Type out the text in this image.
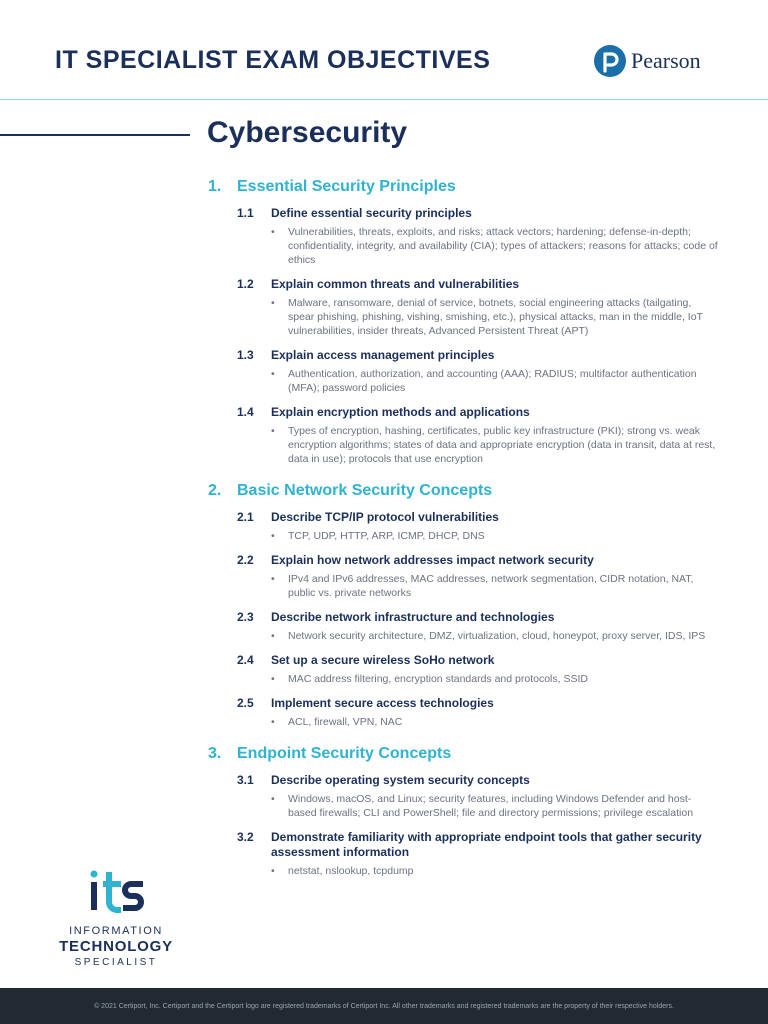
IT SPECIALIST EXAM OBJECTIVES	Pearson
Cybersecurity
1. Essential Security Principles
1.1	Define essential security principles
•	Vulnerabilities, threats, exploits, and risks; attack vectors; hardening; defense-in-depth; confidentiality, integrity, and availability (CIA); types of attackers; reasons for attacks; code of ethics
1.2	Explain common threats and vulnerabilities
•	Malware, ransomware, denial of service, botnets, social engineering attacks (tailgating, spear phishing, phishing, vishing, smishing, etc.), physical attacks, man in the middle, IoT vulnerabilities, insider threats, Advanced Persistent Threat (APT)
1.3	Explain access management principles
•	Authentication, authorization, and accounting (AAA); RADIUS; multifactor authentication (MFA); password policies
1.4	Explain encryption methods and applications
•	Types of encryption, hashing, certificates, public key infrastructure (PKI); strong vs. weak encryption algorithms; states of data and appropriate encryption (data in transit, data at rest, data in use); protocols that use encryption
2. Basic Network Security Concepts
2.1	Describe TCP/IP protocol vulnerabilities
•	TCP, UDP, HTTP, ARP, ICMP, DHCP, DNS
2.2	Explain how network addresses impact network security
•	IPv4 and IPv6 addresses, MAC addresses, network segmentation, CIDR notation, NAT, public vs. private networks
2.3	Describe network infrastructure and technologies
•	Network security architecture, DMZ, virtualization, cloud, honeypot, proxy server, IDS, IPS
2.4	Set up a secure wireless SoHo network
•	MAC address filtering, encryption standards and protocols, SSID
2.5	Implement secure access technologies
•	ACL, firewall, VPN, NAC
3. Endpoint Security Concepts
3.1	Describe operating system security concepts
•	Windows, macOS, and Linux; security features, including Windows Defender and host-based firewalls; CLI and PowerShell; file and directory permissions; privilege escalation
3.2	Demonstrate familiarity with appropriate endpoint tools that gather security assessment information
•	netstat, nslookup, tcpdump
INFORMATION
TECHNOLOGY
SPECIALIST
© 2021 Certiport, Inc. Certiport and the Certiport logo are registered trademarks of Certiport Inc. All other trademarks and registered trademarks are the property of their respective holders.
